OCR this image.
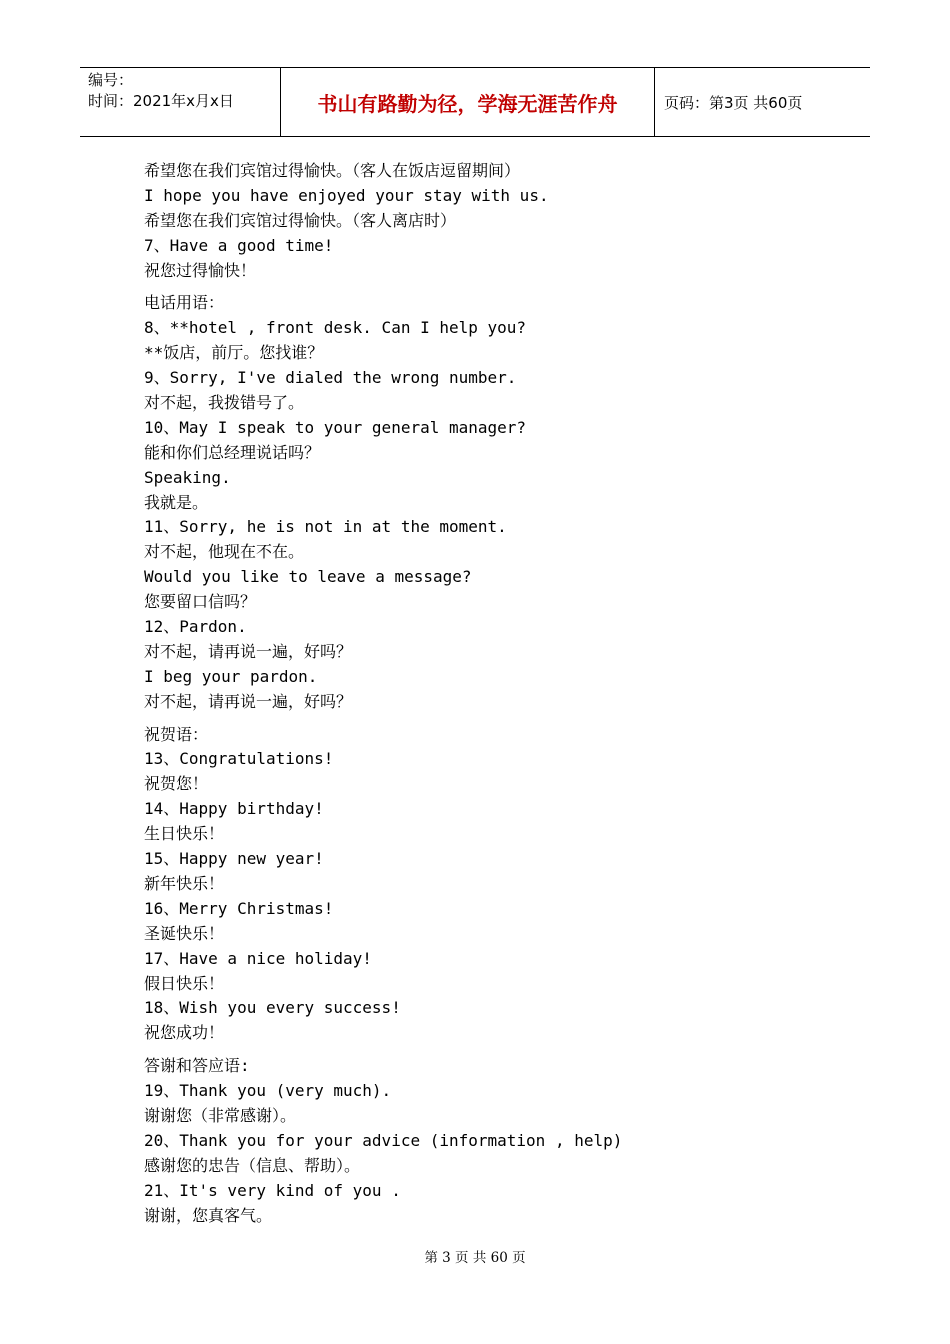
编号：
时间：2021年x月x日	书山有路勤为径，学海无涯苦作舟	页码：第3页 共60页
希望您在我们宾馆过得愉快。（客人在饭店逗留期间）
I hope you have enjoyed your stay with us.
希望您在我们宾馆过得愉快。（客人离店时）
7、Have a good time!
祝您过得愉快！
电话用语：
8、**hotel , front desk. Can I help you?
**饭店，前厅。您找谁？
9、Sorry, I've dialed the wrong number.
对不起，我拨错号了。
10、May I speak to your general manager?
能和你们总经理说话吗？
Speaking.
我就是。
11、Sorry, he is not in at the moment.
对不起，他现在不在。
Would you like to leave a message?
您要留口信吗？
12、Pardon.
对不起，请再说一遍，好吗？
I beg your pardon.
对不起，请再说一遍，好吗？
祝贺语：
13、Congratulations!
祝贺您！
14、Happy birthday!
生日快乐！
15、Happy new year!
新年快乐！
16、Merry Christmas!
圣诞快乐！
17、Have a nice holiday!
假日快乐！
18、Wish you every success!
祝您成功！
答谢和答应语:
19、Thank you (very much).
谢谢您（非常感谢）。
20、Thank you for your advice (information , help)
感谢您的忠告（信息、帮助）。
21、It's very kind of you .
谢谢，您真客气。
第 3 页 共 60 页
